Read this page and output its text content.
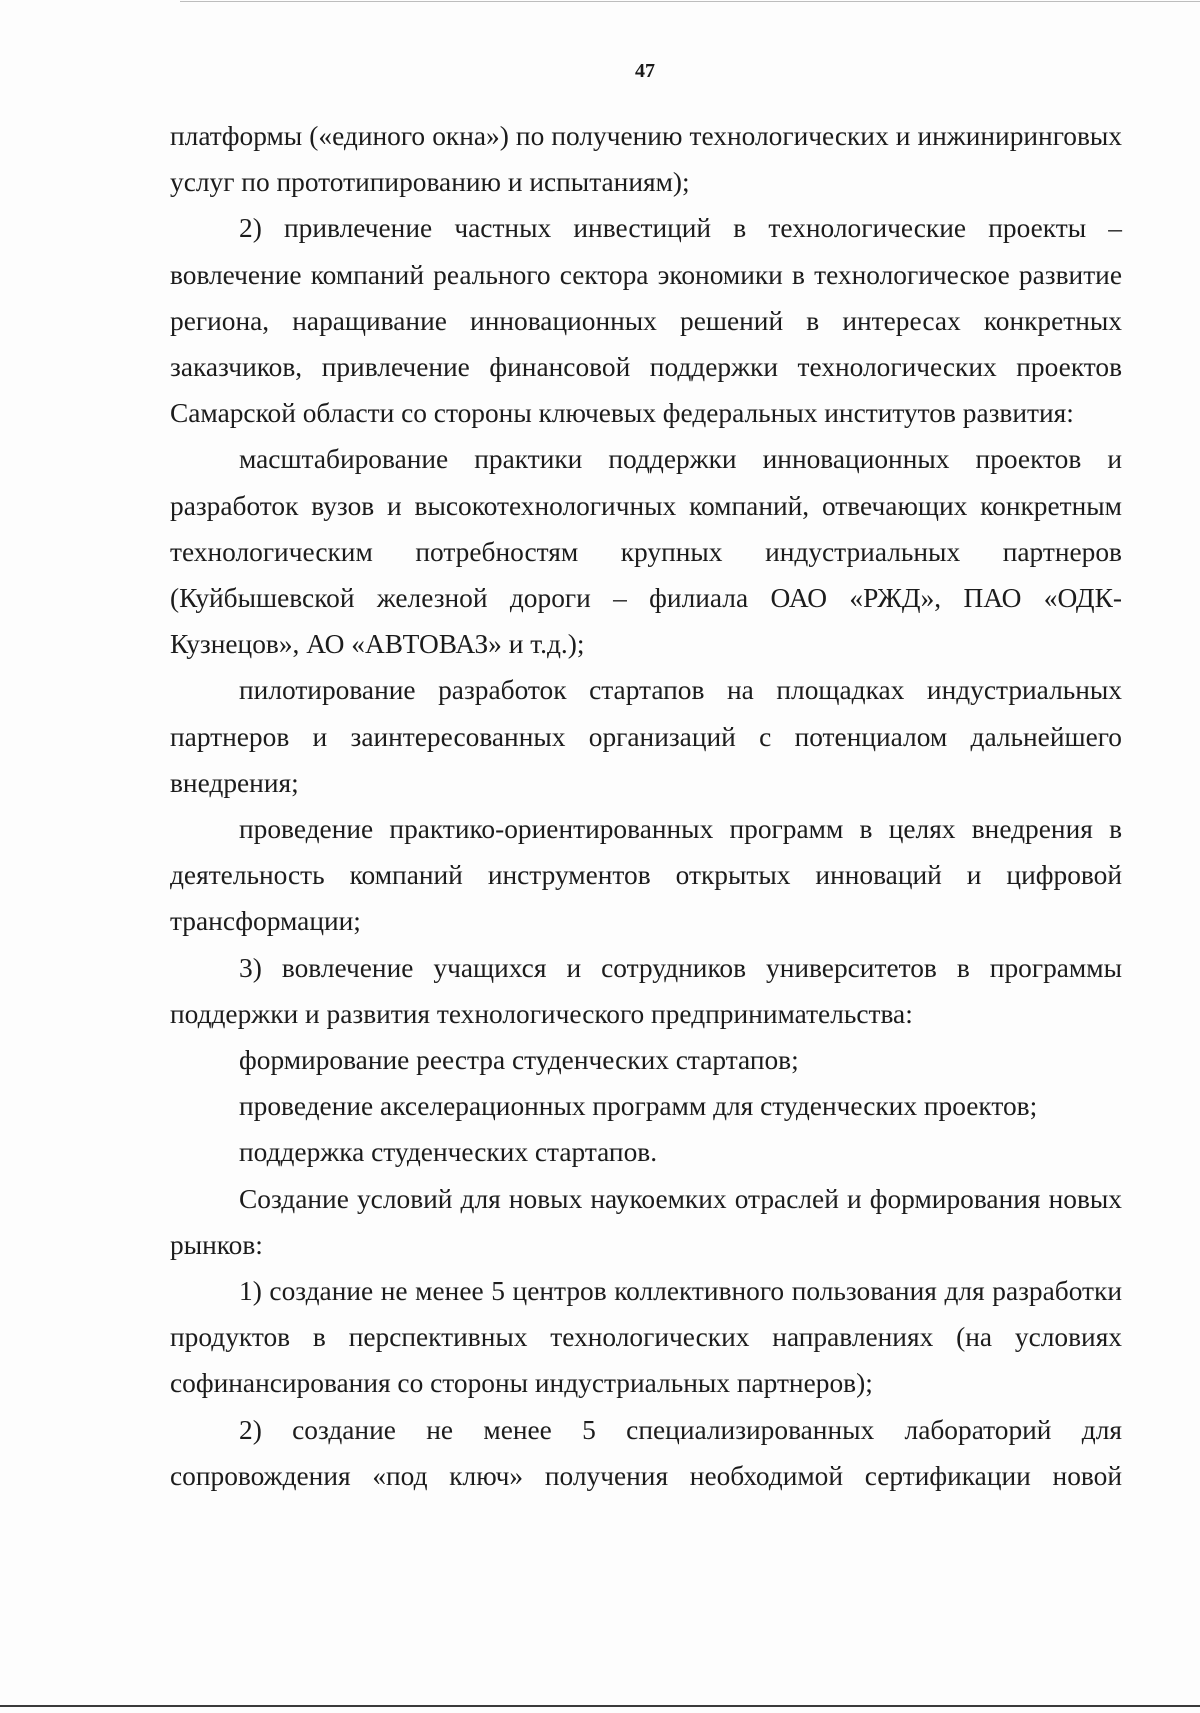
47

платформы («единого окна») по получению технологических и инжиниринговых услуг по прототипированию и испытаниям);

2) привлечение частных инвестиций в технологические проекты – вовлечение компаний реального сектора экономики в технологическое развитие региона, наращивание инновационных решений в интересах конкретных заказчиков, привлечение финансовой поддержки технологических проектов Самарской области со стороны ключевых федеральных институтов развития:

масштабирование практики поддержки инновационных проектов и разработок вузов и высокотехнологичных компаний, отвечающих конкретным технологическим потребностям крупных индустриальных партнеров (Куйбышевской железной дороги – филиала ОАО «РЖД», ПАО «ОДК-Кузнецов», АО «АВТОВАЗ» и т.д.);

пилотирование разработок стартапов на площадках индустриальных партнеров и заинтересованных организаций с потенциалом дальнейшего внедрения;

проведение практико-ориентированных программ в целях внедрения в деятельность компаний инструментов открытых инноваций и цифровой трансформации;

3) вовлечение учащихся и сотрудников университетов в программы поддержки и развития технологического предпринимательства:

формирование реестра студенческих стартапов;

проведение акселерационных программ для студенческих проектов;

поддержка студенческих стартапов.

Создание условий для новых наукоемких отраслей и формирования новых рынков:

1) создание не менее 5 центров коллективного пользования для разработки продуктов в перспективных технологических направлениях (на условиях софинансирования со стороны индустриальных партнеров);

2) создание не менее 5 специализированных лабораторий для сопровождения «под ключ» получения необходимой сертификации новой
